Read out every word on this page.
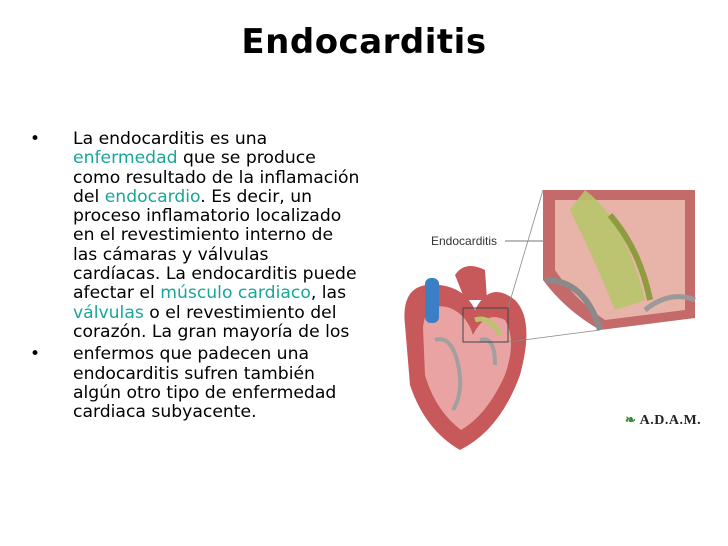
Endocarditis
• La endocarditis es una enfermedad que se produce como resultado de la inflamación del endocardio. Es decir, un proceso inflamatorio localizado en el revestimiento interno de las cámaras y válvulas cardíacas. La endocarditis puede afectar el músculo cardiaco, las válvulas o el revestimiento del corazón. La gran mayoría de los
• enfermos que padecen una endocarditis sufren también algún otro tipo de enfermedad cardiaca subyacente.
Endocarditis
❧ A.D.A.M.
